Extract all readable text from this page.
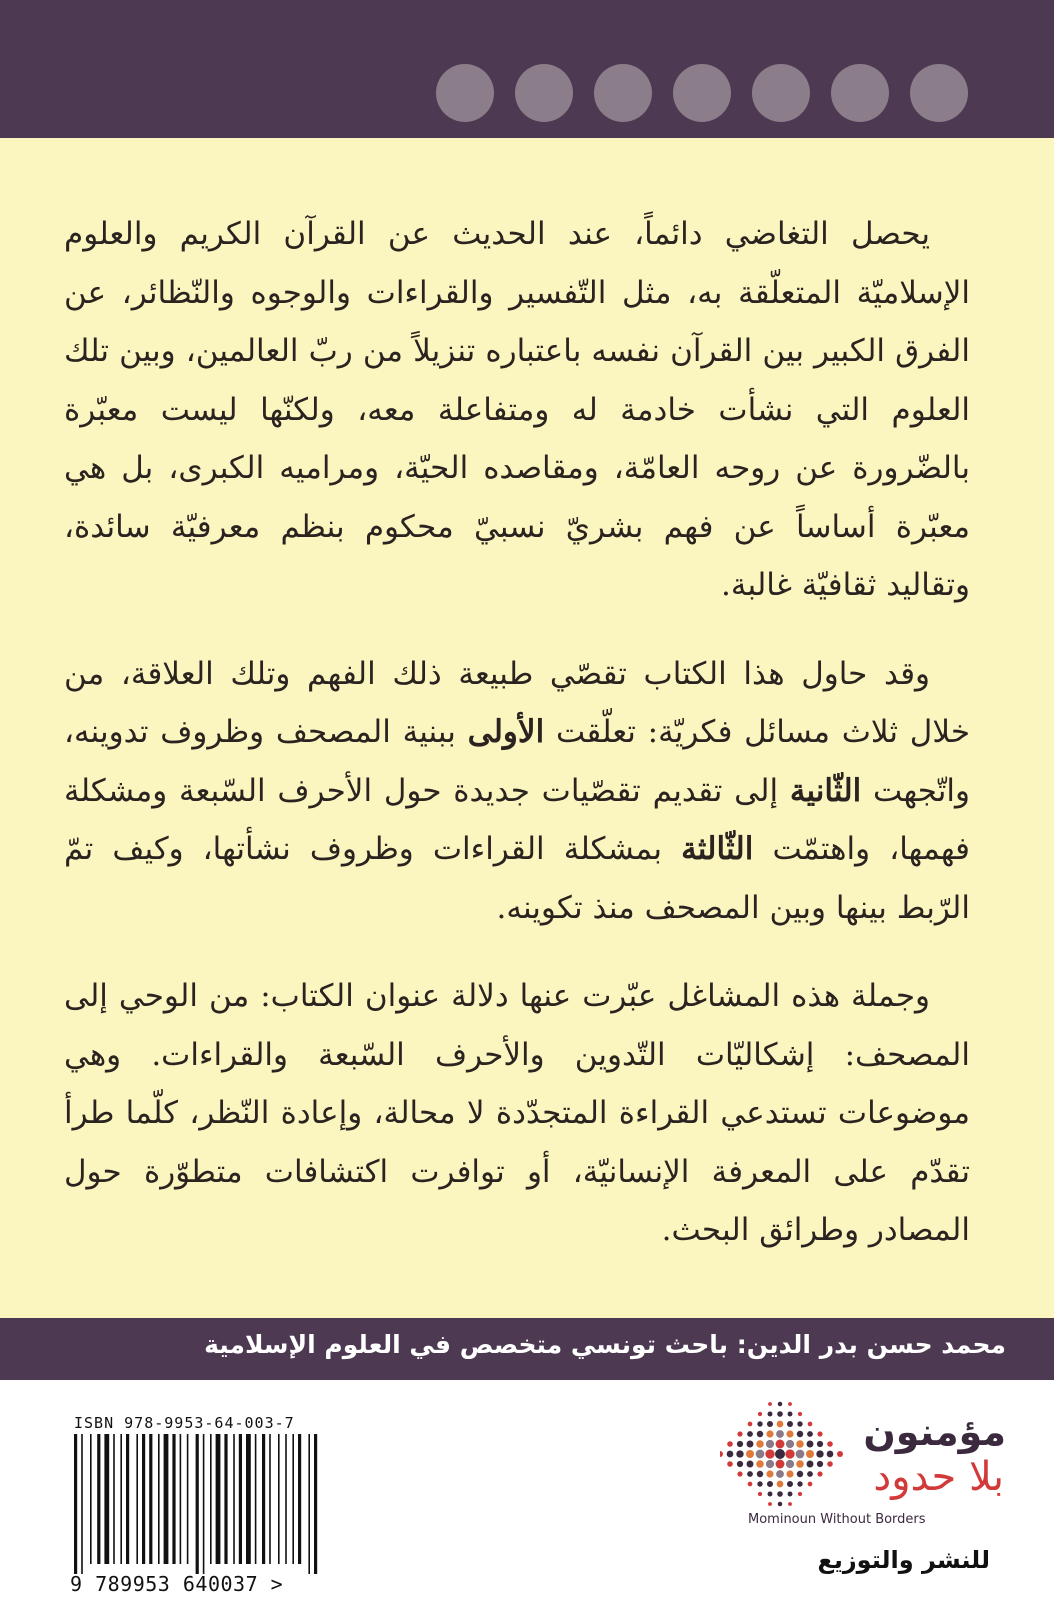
يحصل التغاضي دائماً، عند الحديث عن القرآن الكريم والعلوم الإسلاميّة المتعلّقة به، مثل التّفسير والقراءات والوجوه والنّظائر، عن الفرق الكبير بين القرآن نفسه باعتباره تنزيلاً من ربّ العالمين، وبين تلك العلوم التي نشأت خادمة له ومتفاعلة معه، ولكنّها ليست معبّرة بالضّرورة عن روحه العامّة، ومقاصده الحيّة، ومراميه الكبرى، بل هي معبّرة أساساً عن فهم بشريّ نسبيّ محكوم بنظم معرفيّة سائدة، وتقاليد ثقافيّة غالبة.

وقد حاول هذا الكتاب تقصّي طبيعة ذلك الفهم وتلك العلاقة، من خلال ثلاث مسائل فكريّة: تعلّقت الأولى ببنية المصحف وظروف تدوينه، واتّجهت الثّانية إلى تقديم تقصّيات جديدة حول الأحرف السّبعة ومشكلة فهمها، واهتمّت الثّالثة بمشكلة القراءات وظروف نشأتها، وكيف تمّ الرّبط بينها وبين المصحف منذ تكوينه.

وجملة هذه المشاغل عبّرت عنها دلالة عنوان الكتاب: من الوحي إلى المصحف: إشكاليّات التّدوين والأحرف السّبعة والقراءات. وهي موضوعات تستدعي القراءة المتجدّدة لا محالة، وإعادة النّظر، كلّما طرأ تقدّم على المعرفة الإنسانيّة، أو توافرت اكتشافات متطوّرة حول المصادر وطرائق البحث.

محمد حسن بدر الدين: باحث تونسي متخصص في العلوم الإسلامية
ISBN 978-9953-64-003-7
9 789953 640037 >
مؤمنون
بلا حدود
Mominoun Without Borders
للنشر والتوزيع
